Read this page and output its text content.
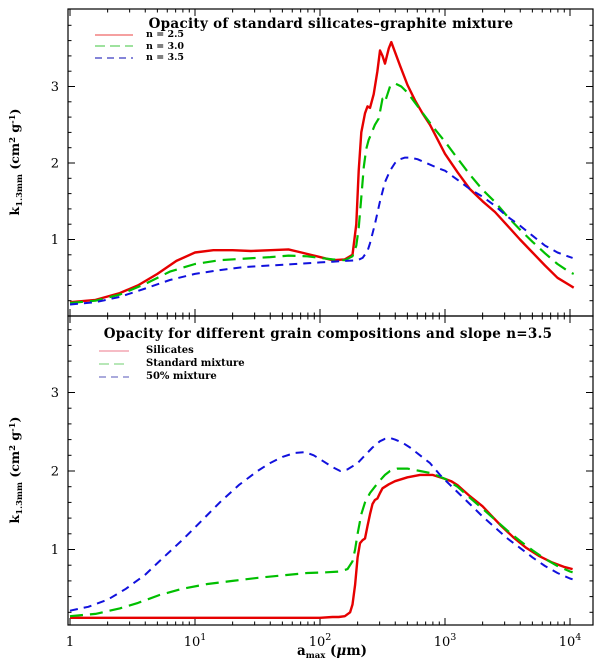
1
2
3
1
2
3
1	$10^1$	$10^2$	$10^3$	$10^4$
Opacity of standard silicates–graphite mixture
Opacity for different grain compositions and slope n=3.5
n = 2.5
n = 3.0
n = 3.5
Silicates
Standard mixture
50% mixture
$k_{1.3mm}$ ($cm^2$ $g^{-1}$)
$k_{1.3mm}$ ($cm^2$ $g^{-1}$)
$a_{max}$ (μm)
